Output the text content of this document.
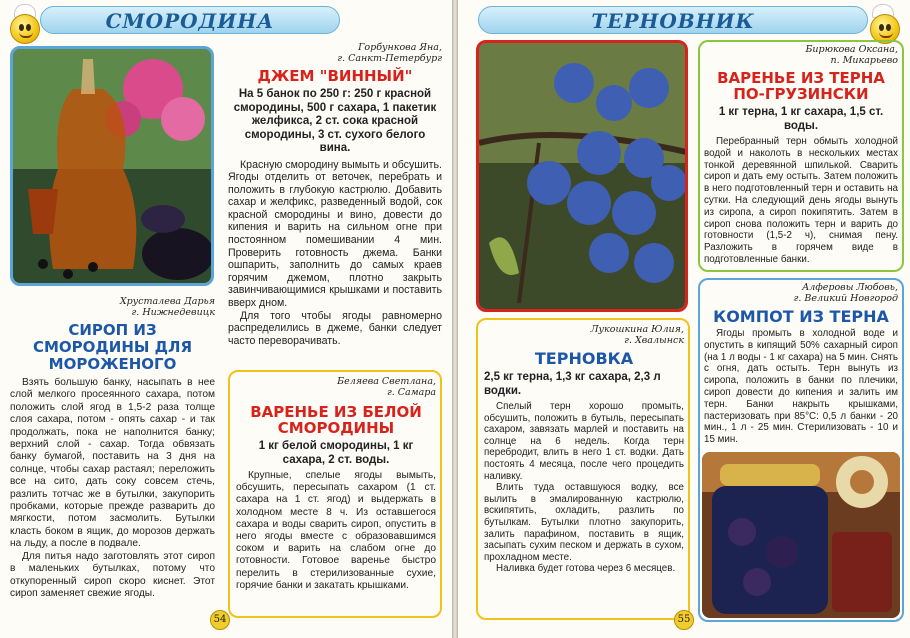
СМОРОДИНА
Хрусталева Дарья
г. Нижнедевицк
СИРОП ИЗ СМОРОДИНЫ ДЛЯ МОРОЖЕНОГО

Взять большую банку, насыпать в нее слой мелкого просеянного сахара, потом положить слой ягод в 1,5-2 раза толще слоя сахара, потом - опять сахар - и так продолжать, пока не наполнится банку; верхний слой - сахар. Тогда обвязать банку бумагой, поставить на 3 дня на солнце, чтобы сахар растаял; переложить все на сито, дать соку совсем стечь, разлить тотчас же в бутылки, закупорить пробками, которые прежде разварить до мягкости, потом засмолить. Бутылки класть боком в ящик, до морозов держать на льду, а после в подвале.

Для питья надо заготовлять этот сироп в маленьких бутылках, потому что откупоренный сироп скоро киснет. Этот сироп заменяет свежие ягоды.

Горбункова Яна,
г. Санкт-Петербург
ДЖЕМ "ВИННЫЙ"
На 5 банок по 250 г: 250 г красной смородины, 500 г сахара, 1 пакетик желфикса, 2 ст. сока красной смородины, 3 ст. сухого белого вина.

Красную смородину вымыть и обсушить. Ягоды отделить от веточек, перебрать и положить в глубокую кастрюлю. Добавить сахар и желфикс, разведенный водой, сок красной смородины и вино, довести до кипения и варить на сильном огне при постоянном помешивании 4 мин. Проверить готовность джема. Банки ошпарить, заполнить до самых краев горячим джемом, плотно закрыть завинчивающимися крышками и поставить вверх дном.

Для того чтобы ягоды равномерно распределились в джеме, банки следует часто переворачивать.

Беляева Светлана,
г. Самара
ВАРЕНЬЕ ИЗ БЕЛОЙ СМОРОДИНЫ
1 кг белой смородины, 1 кг сахара, 2 ст. воды.

Крупные, спелые ягоды вымыть, обсушить, пересыпать сахаром (1 ст. сахара на 1 ст. ягод) и выдержать в холодном месте 8 ч. Из оставшегося сахара и воды сварить сироп, опустить в него ягоды вместе с образовавшимся соком и варить на слабом огне до готовности. Готовое варенье быстро перелить в стерилизованные сухие, горячие банки и закатать крышками.

54
ТЕРНОВНИК
Бирюкова Оксана,
п. Микарьево
ВАРЕНЬЕ ИЗ ТЕРНА ПО-ГРУЗИНСКИ
1 кг терна, 1 кг сахара, 1,5 ст. воды.

Перебранный терн обмыть холодной водой и наколоть в нескольких местах тонкой деревянной шпилькой. Сварить сироп и дать ему остыть. Затем положить в него подготовленный терн и оставить на сутки. На следующий день ягоды вынуть из сиропа, а сироп покипятить. Затем в сироп снова положить терн и варить до готовности (1,5-2 ч), снимая пену. Разложить в горячем виде в подготовленные банки.

Алферовы Любовь,
г. Великий Новгород
КОМПОТ ИЗ ТЕРНА

Ягоды промыть в холодной воде и опустить в кипящий 50% сахарный сироп (на 1 л воды - 1 кг сахара) на 5 мин. Снять с огня, дать остыть. Терн вынуть из сиропа, положить в банки по плечики, сироп довести до кипения и залить им терн. Банки накрыть крышками, пастеризовать при 85°С: 0,5 л банки - 20 мин., 1 л - 25 мин. Стерилизовать - 10 и 15 мин.

Лукошкина Юлия,
г. Хвалынск
ТЕРНОВКА
2,5 кг терна, 1,3 кг сахара, 2,3 л водки.

Спелый терн хорошо промыть, обсушить, положить в бутыль, пересыпать сахаром, завязать марлей и поставить на солнце на 6 недель. Когда терн перебродит, влить в него 1 ст. водки. Дать постоять 4 месяца, после чего процедить наливку.

Влить туда оставшуюся водку, все вылить в эмалированную кастрюлю, вскипятить, охладить, разлить по бутылкам. Бутылки плотно закупорить, залить парафином, поставить в ящик, засыпать сухим песком и держать в сухом, прохладном месте.

Наливка будет готова через 6 месяцев.

55
